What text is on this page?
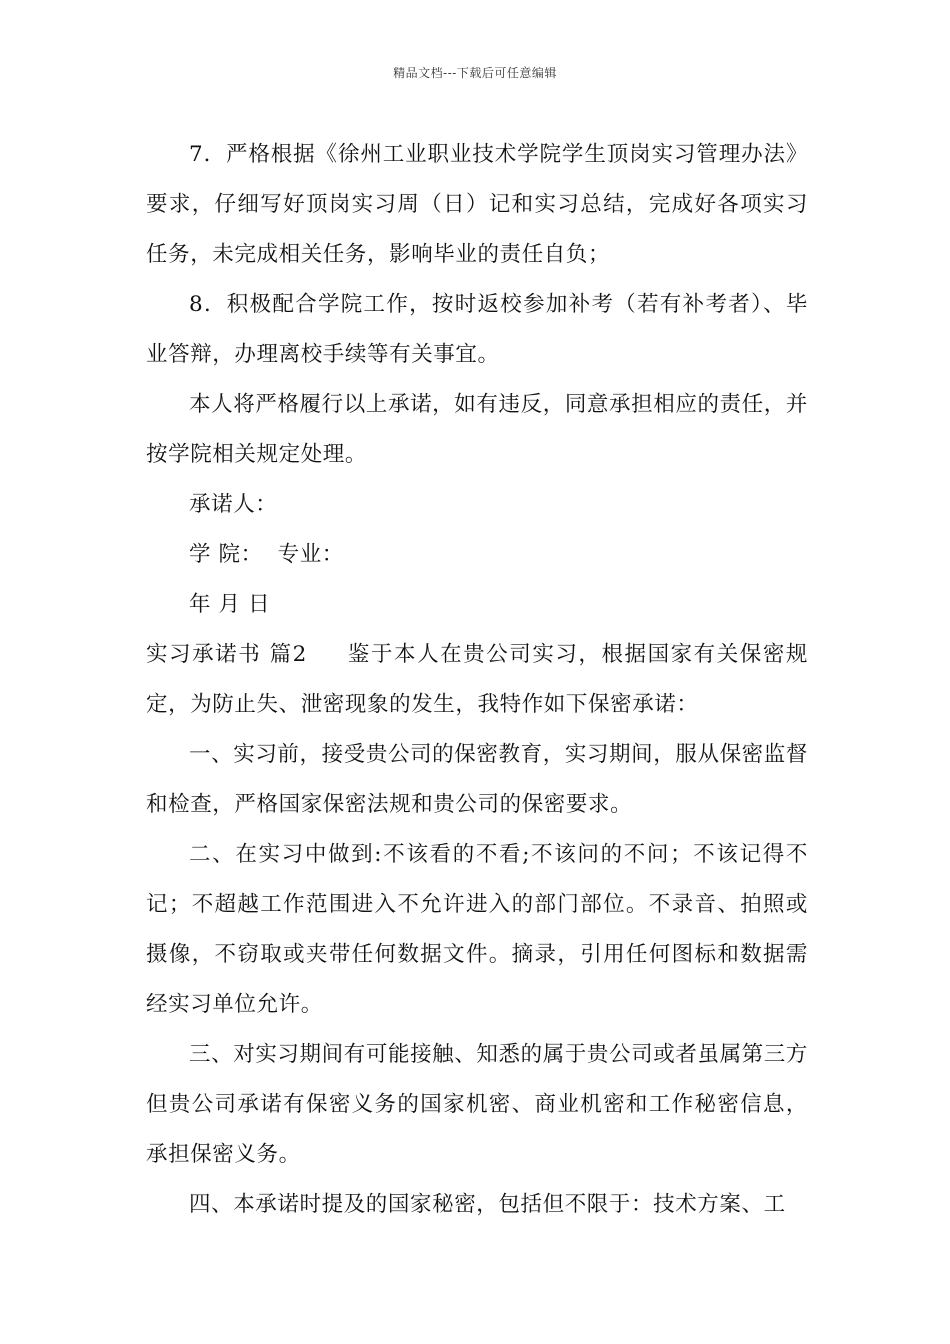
精品文档---下载后可任意编辑

7．严格根据《徐州工业职业技术学院学生顶岗实习管理办法》要求，仔细写好顶岗实习周（日）记和实习总结，完成好各项实习任务，未完成相关任务，影响毕业的责任自负；

8．积极配合学院工作，按时返校参加补考（若有补考者）、毕业答辩，办理离校手续等有关事宜。

本人将严格履行以上承诺，如有违反，同意承担相应的责任，并按学院相关规定处理。

承诺人：

学 院：  专业：

年 月 日

实习承诺书 篇2 鉴于本人在贵公司实习，根据国家有关保密规定，为防止失、泄密现象的发生，我特作如下保密承诺：

一、实习前，接受贵公司的保密教育，实习期间，服从保密监督和检查，严格国家保密法规和贵公司的保密要求。

二、在实习中做到:不该看的不看;不该问的不问；不该记得不记；不超越工作范围进入不允许进入的部门部位。不录音、拍照或摄像，不窃取或夹带任何数据文件。摘录，引用任何图标和数据需经实习单位允许。

三、对实习期间有可能接触、知悉的属于贵公司或者虽属第三方但贵公司承诺有保密义务的国家机密、商业机密和工作秘密信息，承担保密义务。

四、本承诺时提及的国家秘密，包括但不限于：技术方案、工
